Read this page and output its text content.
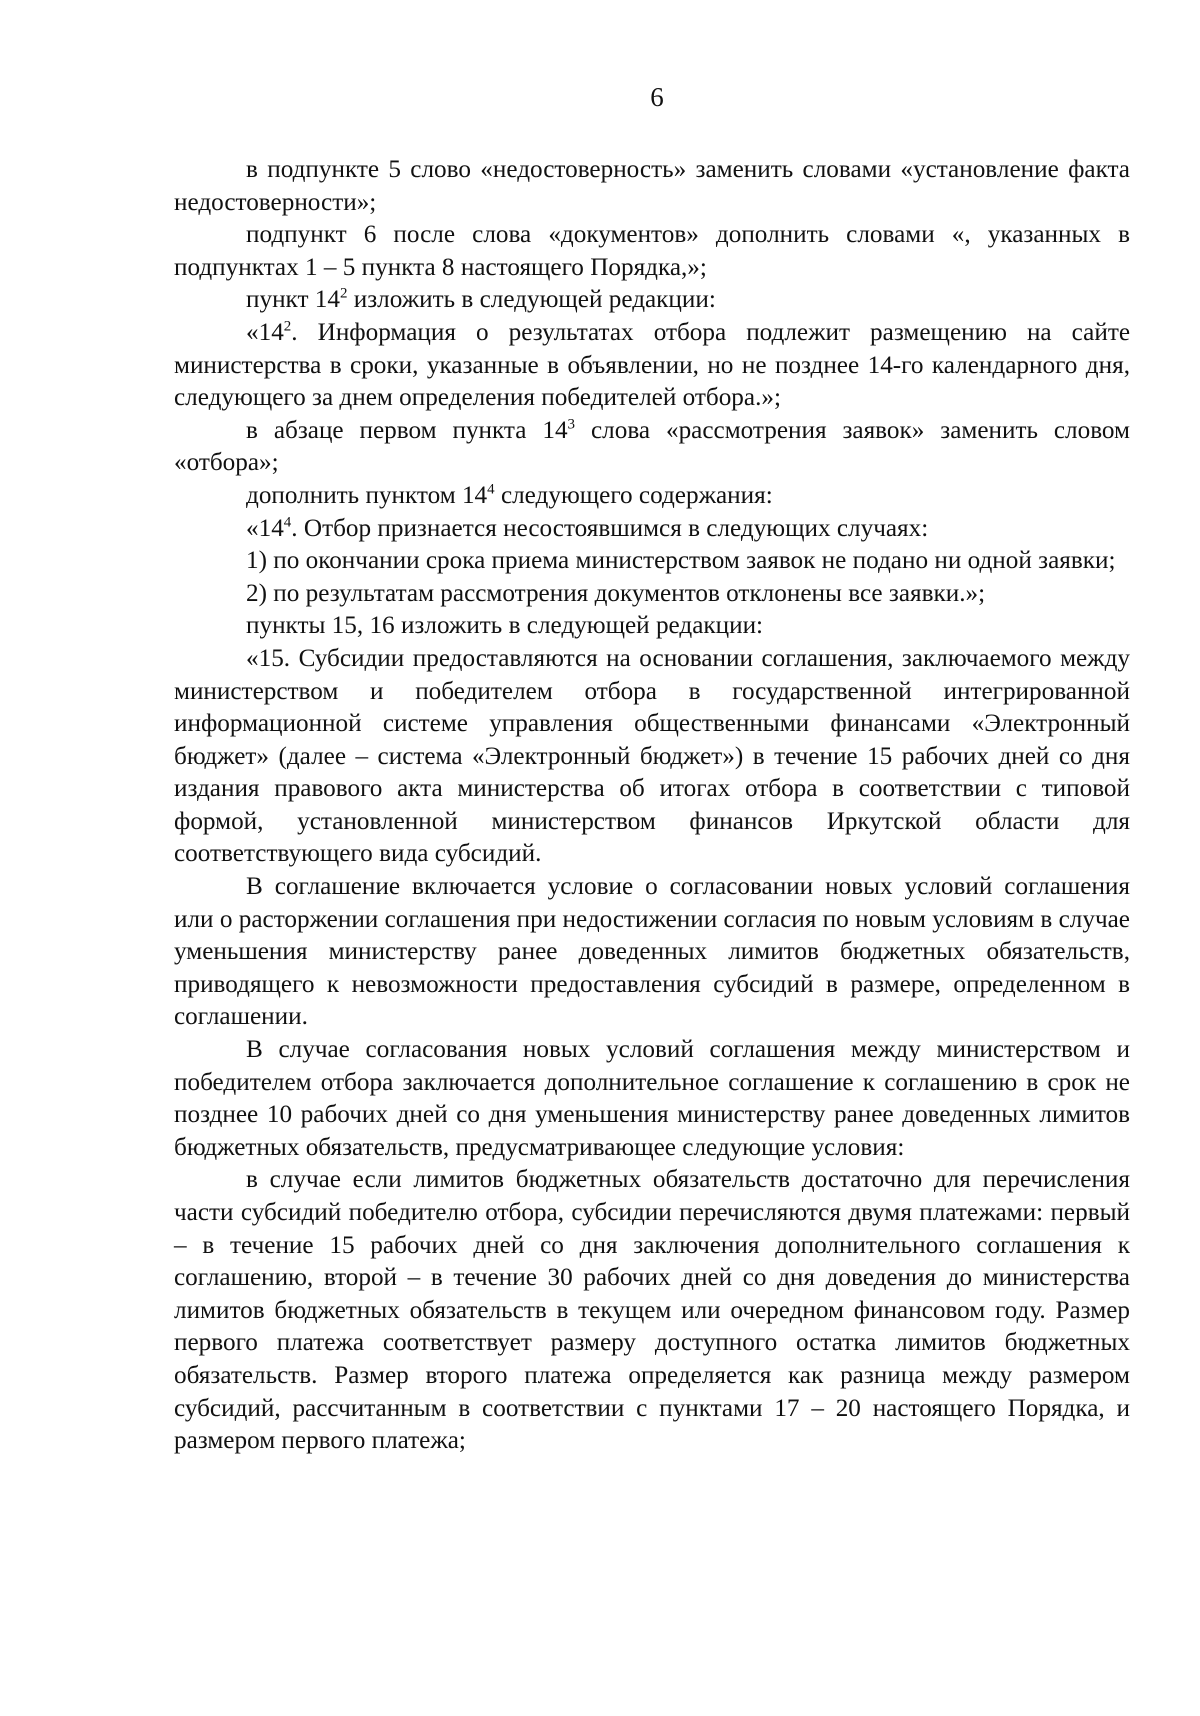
6

в подпункте 5 слово «недостоверность» заменить словами «установление факта недостоверности»;

подпункт 6 после слова «документов» дополнить словами «, указанных в подпунктах 1 – 5 пункта 8 настоящего Порядка,»;

пункт $14^2$ изложить в следующей редакции:

«$14^2$. Информация о результатах отбора подлежит размещению на сайте министерства в сроки, указанные в объявлении, но не позднее 14-го календарного дня, следующего за днем определения победителей отбора.»;

в абзаце первом пункта $14^3$ слова «рассмотрения заявок» заменить словом «отбора»;

дополнить пунктом $14^4$ следующего содержания:

«$14^4$. Отбор признается несостоявшимся в следующих случаях:

1) по окончании срока приема министерством заявок не подано ни одной заявки;

2) по результатам рассмотрения документов отклонены все заявки.»;

пункты 15, 16 изложить в следующей редакции:

«15. Субсидии предоставляются на основании соглашения, заключаемого между министерством и победителем отбора в государственной интегрированной информационной системе управления общественными финансами «Электронный бюджет» (далее – система «Электронный бюджет») в течение 15 рабочих дней со дня издания правового акта министерства об итогах отбора в соответствии с типовой формой, установленной министерством финансов Иркутской области для соответствующего вида субсидий.

В соглашение включается условие о согласовании новых условий соглашения или о расторжении соглашения при недостижении согласия по новым условиям в случае уменьшения министерству ранее доведенных лимитов бюджетных обязательств, приводящего к невозможности предоставления субсидий в размере, определенном в соглашении.

В случае согласования новых условий соглашения между министерством и победителем отбора заключается дополнительное соглашение к соглашению в срок не позднее 10 рабочих дней со дня уменьшения министерству ранее доведенных лимитов бюджетных обязательств, предусматривающее следующие условия:

в случае если лимитов бюджетных обязательств достаточно для перечисления части субсидий победителю отбора, субсидии перечисляются двумя платежами: первый – в течение 15 рабочих дней со дня заключения дополнительного соглашения к соглашению, второй – в течение 30 рабочих дней со дня доведения до министерства лимитов бюджетных обязательств в текущем или очередном финансовом году. Размер первого платежа соответствует размеру доступного остатка лимитов бюджетных обязательств. Размер второго платежа определяется как разница между размером субсидий, рассчитанным в соответствии с пунктами 17 – 20 настоящего Порядка, и размером первого платежа;
